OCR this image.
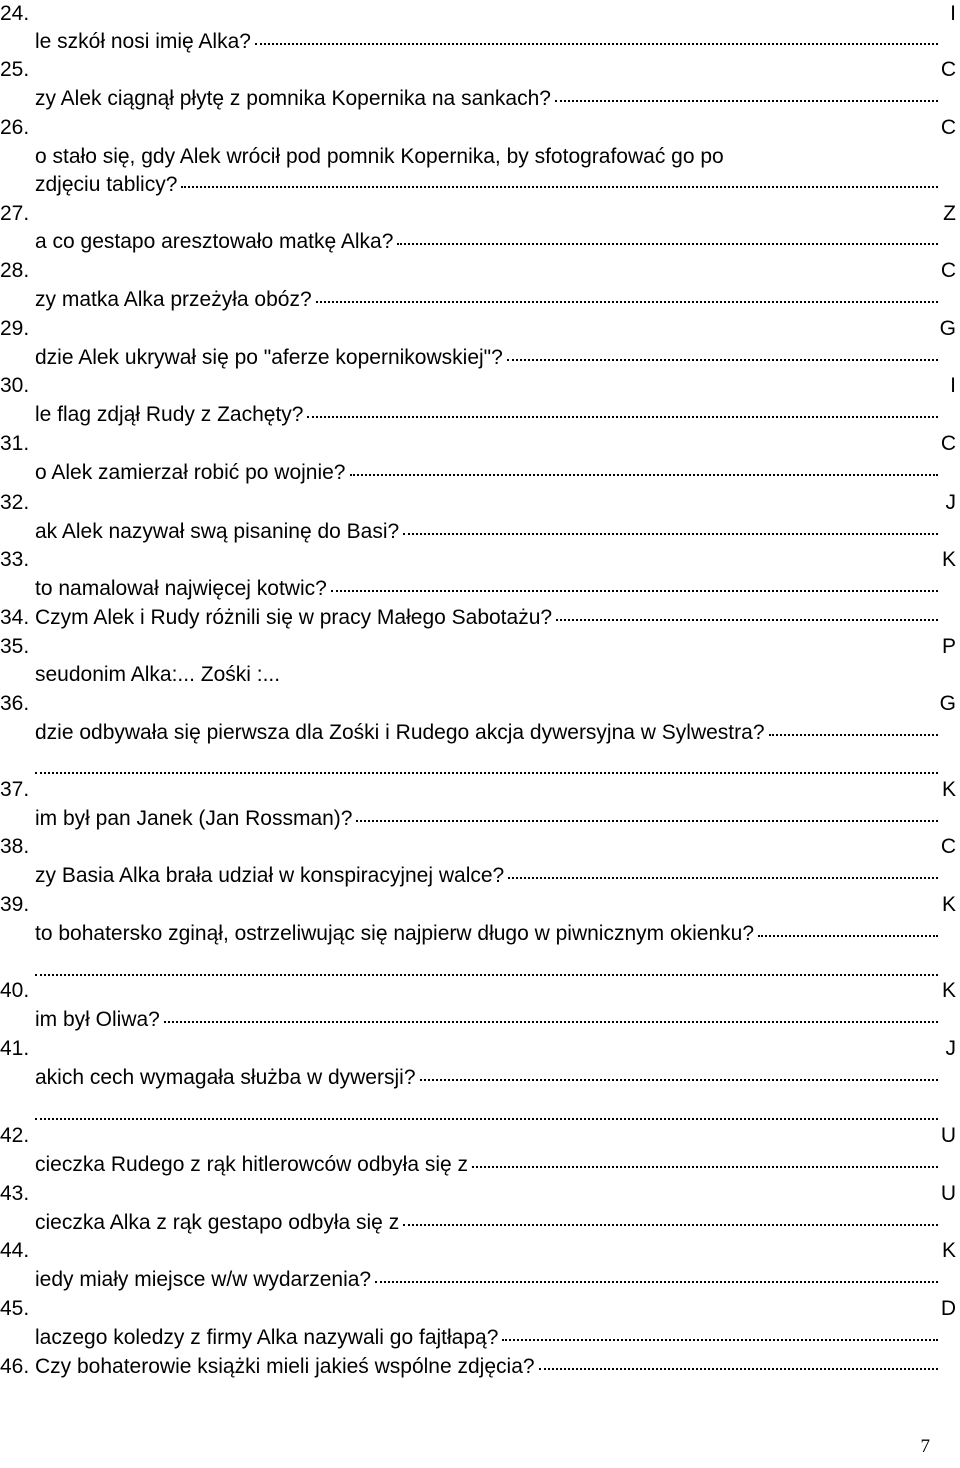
24.	I
le szkół nosi imię Alka?
25.	C
zy Alek ciągnął płytę z pomnika Kopernika na sankach?
26.	C
o stało się, gdy Alek wrócił pod pomnik Kopernika, by sfotografować go po
zdjęciu tablicy?
27.	Z
a co gestapo aresztowało matkę Alka?
28.	C
zy matka Alka przeżyła obóz?
29.	G
dzie Alek ukrywał się po "aferze kopernikowskiej"?
30.	I
le flag zdjął Rudy z Zachęty?
31.	C
o Alek zamierzał robić po wojnie?
32.	J
ak Alek nazywał swą pisaninę do Basi?
33.	K
to namalował najwięcej kotwic?
34. Czym Alek i Rudy różnili się w pracy Małego Sabotażu?
35.	P
seudonim Alka:... Zośki :...
36.	G
dzie odbywała się pierwsza dla Zośki i Rudego akcja dywersyjna w Sylwestra?
37.	K
im był pan Janek (Jan Rossman)?
38.	C
zy Basia Alka brała udział w konspiracyjnej walce?
39.	K
to bohatersko zginął, ostrzeliwując się najpierw długo w piwnicznym okienku?
40.	K
im był Oliwa?
41.	J
akich cech wymagała służba w dywersji?
42.	U
cieczka Rudego z rąk hitlerowców odbyła się z
43.	U
cieczka Alka z rąk gestapo odbyła się z
44.	K
iedy miały miejsce w/w wydarzenia?
45.	D
laczego koledzy z firmy Alka nazywali go fajtłapą?
46. Czy bohaterowie książki mieli jakieś wspólne zdjęcia?
7
